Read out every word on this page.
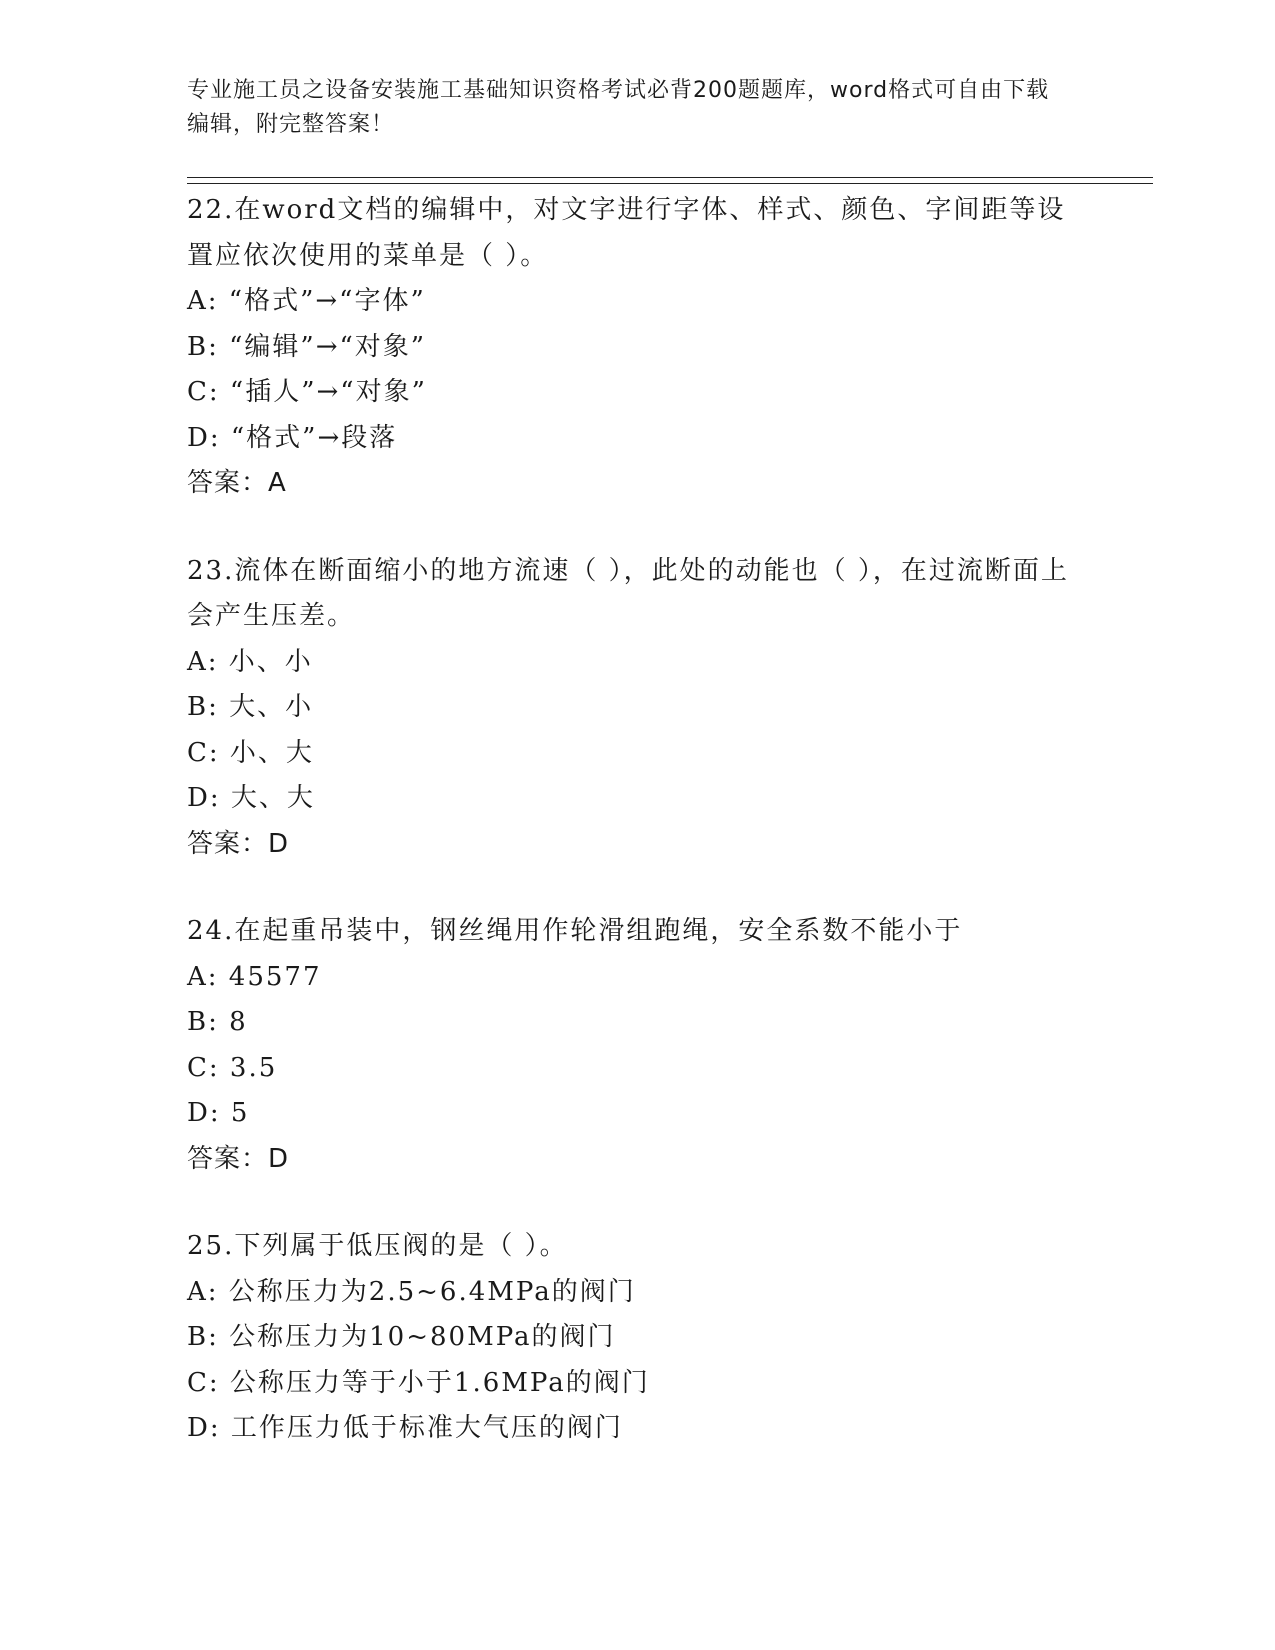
专业施工员之设备安装施工基础知识资格考试必背200题题库，word格式可自由下载编辑，附完整答案！
22.在word文档的编辑中，对文字进行字体、样式、颜色、字间距等设置应依次使用的菜单是（ ）。
A: “格式”→“字体”
B: “编辑”→“对象”
C: “插人”→“对象”
D: “格式”→段落
答案：A
23.流体在断面缩小的地方流速（ ），此处的动能也（ ），在过流断面上会产生压差。
A: 小、小
B: 大、小
C: 小、大
D: 大、大
答案：D
24.在起重吊装中，钢丝绳用作轮滑组跑绳，安全系数不能小于
A: 45577
B: 8
C: 3.5
D: 5
答案：D
25.下列属于低压阀的是（ ）。
A: 公称压力为2.5~6.4MPa的阀门
B: 公称压力为10~80MPa的阀门
C: 公称压力等于小于1.6MPa的阀门
D: 工作压力低于标准大气压的阀门
